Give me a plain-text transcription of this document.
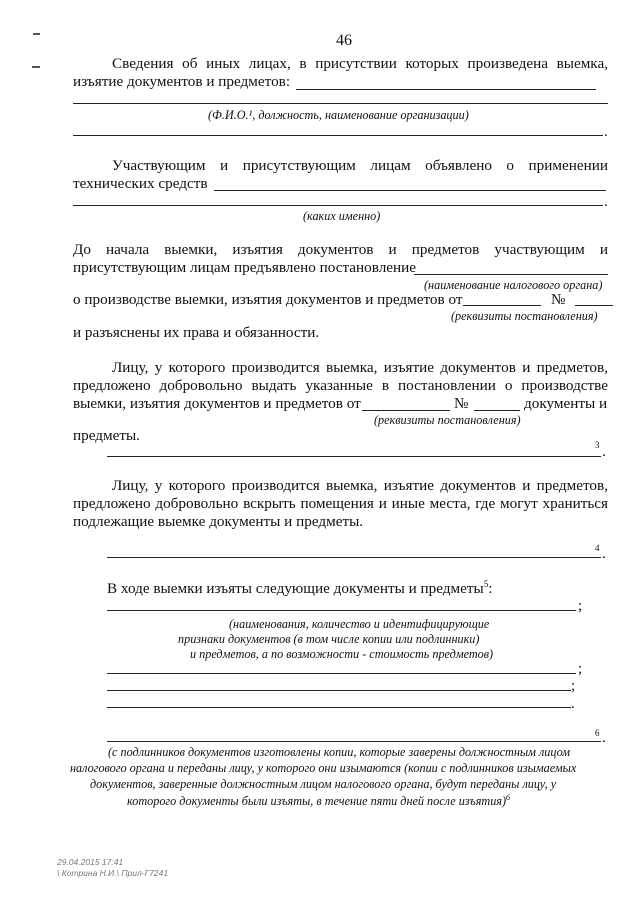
46
Сведения об иных лицах, в присутствии которых произведена выемка,
изъятие документов и предметов:
(Ф.И.О.¹, должность, наименование организации)
.
Участвующим и присутствующим лицам объявлено о применении
технических средств
.
(каких именно)
До начала выемки, изъятия документов и предметов участвующим и
присутствующим лицам предъявлено постановление
(наименование налогового органа)
о производстве выемки, изъятия документов и предметов от	№
(реквизиты постановления)
и разъяснены их права и обязанности.
Лицу, у которого производится выемка, изъятие документов и предметов,
предложено добровольно выдать указанные в постановлении о производстве
выемки, изъятия документов и предметов от	№	документы и
(реквизиты постановления)
предметы.
3 .
Лицу, у которого производится выемка, изъятие документов и предметов,
предложено добровольно вскрыть помещения и иные места, где могут храниться
подлежащие выемке документы и предметы.
4 .
В ходе выемки изъяты следующие документы и предметы$^5$:
;
(наименования, количество и идентифицирующие
признаки документов (в том числе копии или подлинники)
и предметов, а по возможности - стоимость предметов)
;
;
.
6 .
(с подлинников документов изготовлены копии, которые заверены должностным лицом
налогового органа и переданы лицу, у которого они изымаются (копии с подлинников изымаемых
документов, заверенные должностным лицом налогового органа, будут переданы лицу, у
которого документы были изъяты, в течение пяти дней после изъятия)$^6$
29.04.2015 17:41
\ Котрина Н.И.\ Прил-Г7241
